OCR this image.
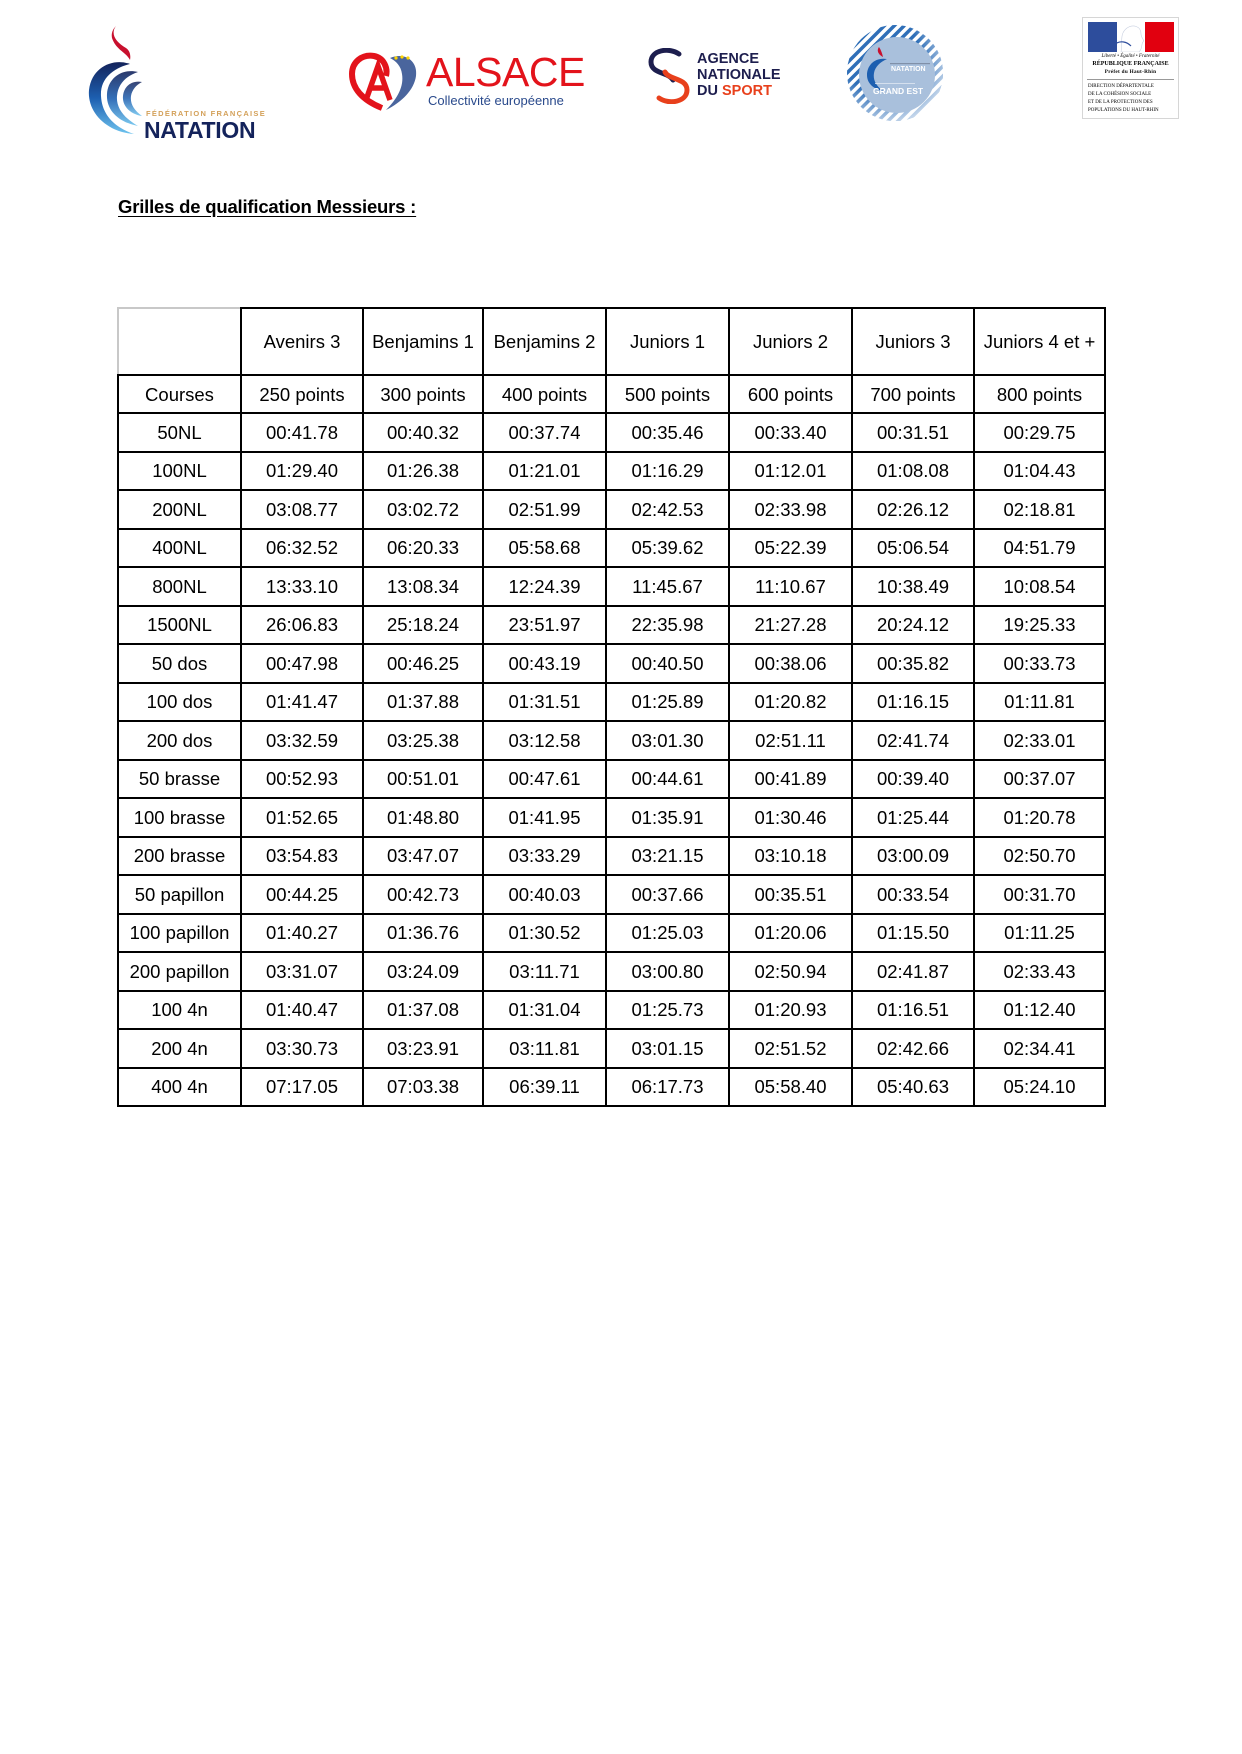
FÉDÉRATION FRANÇAISE
NATATION
ALSACE
Collectivité européenne
AGENCE
NATIONALE
DU SPORT
NATATION
GRAND EST
Liberté • Égalité • Fraternité
RÉPUBLIQUE FRANÇAISE
Préfet du Haut-Rhin
DIRECTION DÉPARTENTALE
DE LA COHÉSION SOCIALE
ET DE LA PROTECTION DES
POPULATIONS DU HAUT-RHIN
Grilles de qualification Messieurs :
	Avenirs 3	Benjamins 1	Benjamins 2	Juniors 1	Juniors 2	Juniors 3	Juniors 4 et +
Courses	250 points	300 points	400 points	500 points	600 points	700 points	800 points
50NL	00:41.78	00:40.32	00:37.74	00:35.46	00:33.40	00:31.51	00:29.75
100NL	01:29.40	01:26.38	01:21.01	01:16.29	01:12.01	01:08.08	01:04.43
200NL	03:08.77	03:02.72	02:51.99	02:42.53	02:33.98	02:26.12	02:18.81
400NL	06:32.52	06:20.33	05:58.68	05:39.62	05:22.39	05:06.54	04:51.79
800NL	13:33.10	13:08.34	12:24.39	11:45.67	11:10.67	10:38.49	10:08.54
1500NL	26:06.83	25:18.24	23:51.97	22:35.98	21:27.28	20:24.12	19:25.33
50 dos	00:47.98	00:46.25	00:43.19	00:40.50	00:38.06	00:35.82	00:33.73
100 dos	01:41.47	01:37.88	01:31.51	01:25.89	01:20.82	01:16.15	01:11.81
200 dos	03:32.59	03:25.38	03:12.58	03:01.30	02:51.11	02:41.74	02:33.01
50 brasse	00:52.93	00:51.01	00:47.61	00:44.61	00:41.89	00:39.40	00:37.07
100 brasse	01:52.65	01:48.80	01:41.95	01:35.91	01:30.46	01:25.44	01:20.78
200 brasse	03:54.83	03:47.07	03:33.29	03:21.15	03:10.18	03:00.09	02:50.70
50 papillon	00:44.25	00:42.73	00:40.03	00:37.66	00:35.51	00:33.54	00:31.70
100 papillon	01:40.27	01:36.76	01:30.52	01:25.03	01:20.06	01:15.50	01:11.25
200 papillon	03:31.07	03:24.09	03:11.71	03:00.80	02:50.94	02:41.87	02:33.43
100 4n	01:40.47	01:37.08	01:31.04	01:25.73	01:20.93	01:16.51	01:12.40
200 4n	03:30.73	03:23.91	03:11.81	03:01.15	02:51.52	02:42.66	02:34.41
400 4n	07:17.05	07:03.38	06:39.11	06:17.73	05:58.40	05:40.63	05:24.10
